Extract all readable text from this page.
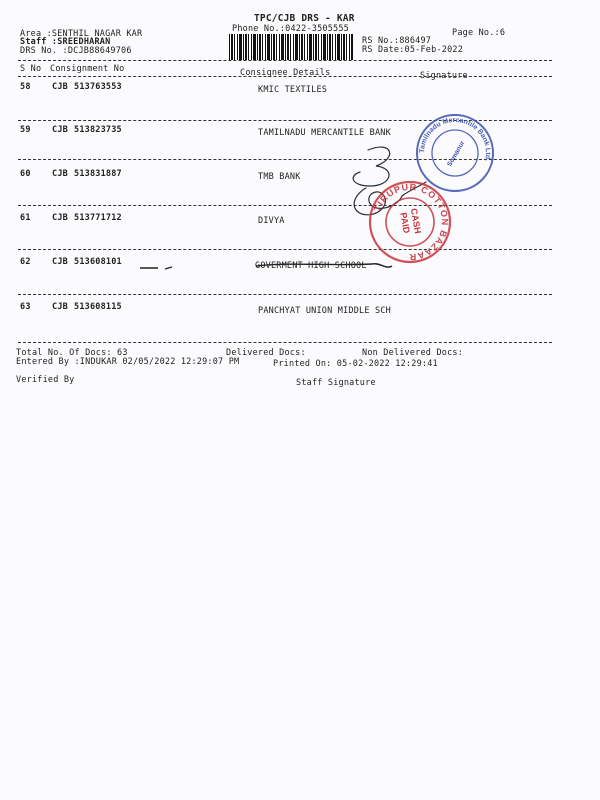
TPC/CJB DRS - KAR
Phone No.:0422-3505555
Area :SENTHIL NAGAR KAR
Staff :SREEDHARAN
DRS No. :DCJB88649706
Page No.:6
RS No.:886497
RS Date:05-Feb-2022
S No Consignment No	Consignee Details	Signature
58	CJB 513763553	KMIC TEXTILES
59	CJB 513823735	TAMILNADU MERCANTILE BANK
60	CJB 513831887	TMB BANK
61	CJB 513771712	DIVYA
62	CJB 513608101	GOVERMENT HIGH SCHOOL
63	CJB 513608115	PANCHYAT UNION MIDDLE SCH
Total No. Of Docs: 63	Delivered Docs:	Non Delivered Docs:
Entered By :INDUKAR 02/05/2022 12:29:07 PM	Printed On: 05-02-2022 12:29:41
Verified By	Staff Signature
Tamilnadu Mercantile Bank Ltd.
Somanur
TIRUPUR COTTON BAZAAR
CASH
PAID
